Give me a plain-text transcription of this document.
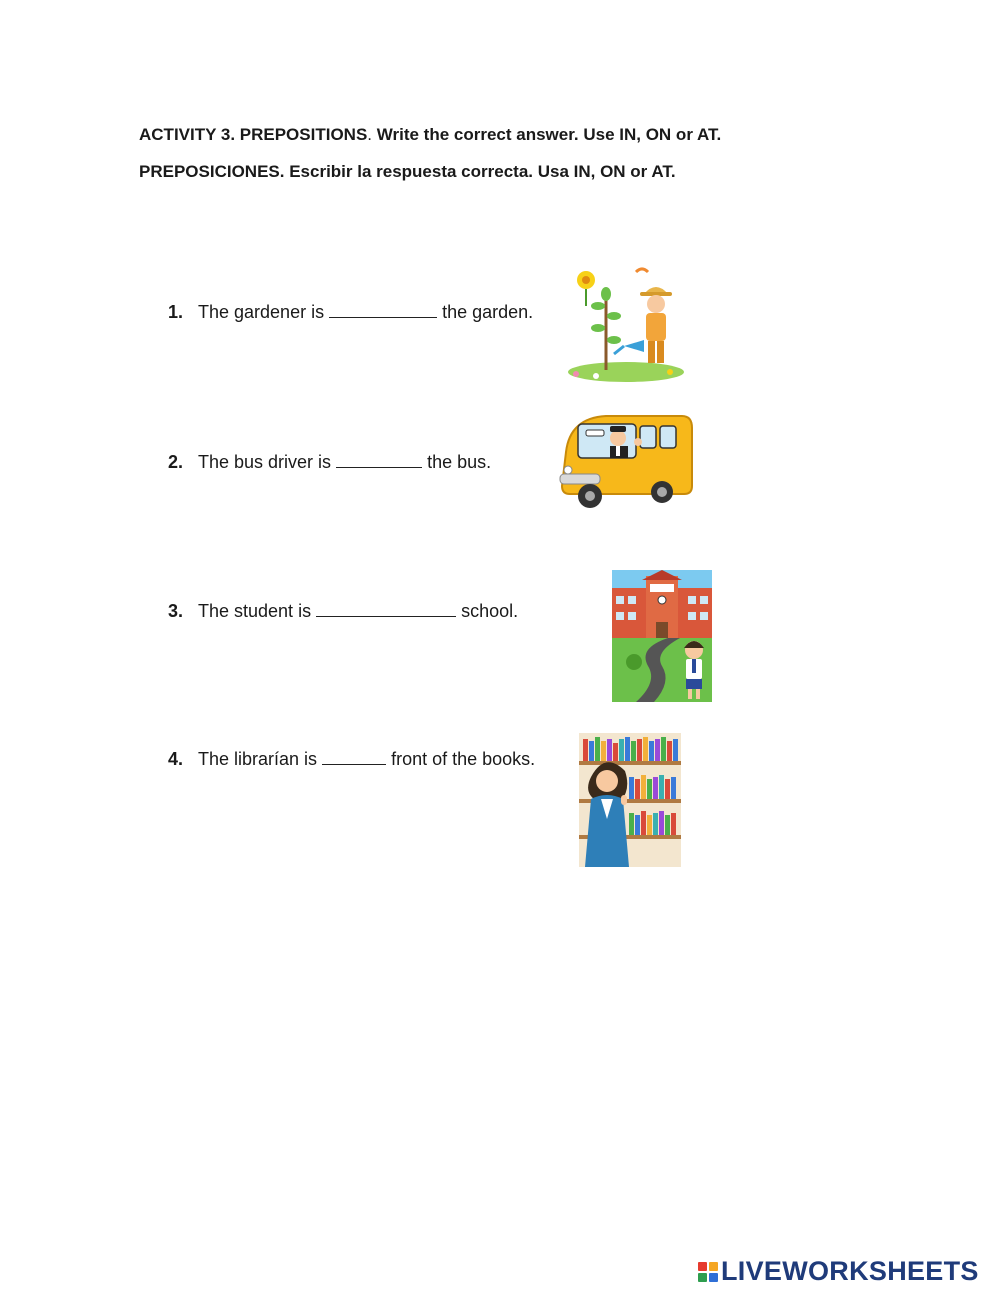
ACTIVITY 3. PREPOSITIONS. Write the correct answer. Use IN, ON or AT.
PREPOSICIONES. Escribir la respuesta correcta. Usa IN, ON or AT.
1. The gardener is	the garden.
2. The bus driver is	the bus.
3. The student is	school.
4. The librarían is	front of the books.
LIVEWORKSHEETS
